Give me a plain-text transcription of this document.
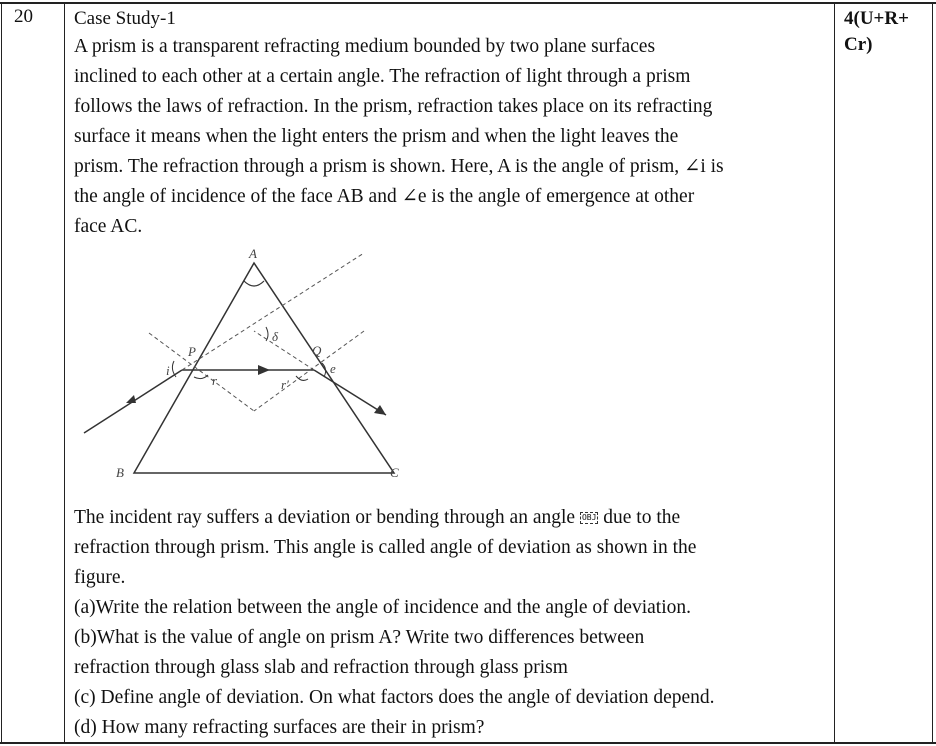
20	4(U+R+ Cr)
Case Study-1

A prism is a transparent refracting medium bounded by two plane surfaces
inclined to each other at a certain angle. The refraction of light through a prism
follows the laws of refraction. In the prism, refraction takes place on its refracting
surface it means when the light enters the prism and when the light leaves the
prism. The refraction through a prism is shown. Here, A is the angle of prism, ∠i is
the angle of incidence of the face AB and ∠e is the angle of emergence at other
face AC.

A
B	C
P	Q
i
r	r′
e
δ

The incident ray suffers a deviation or bending through an angle OBJ due to the
refraction through prism. This angle is called angle of deviation as shown in the
figure.

(a)Write the relation between the angle of incidence and the angle of deviation.
(b)What is the value of angle on prism A? Write two differences between
refraction through glass slab and refraction through glass prism
(c) Define angle of deviation. On what factors does the angle of deviation depend.
(d) How many refracting surfaces are their in prism?
